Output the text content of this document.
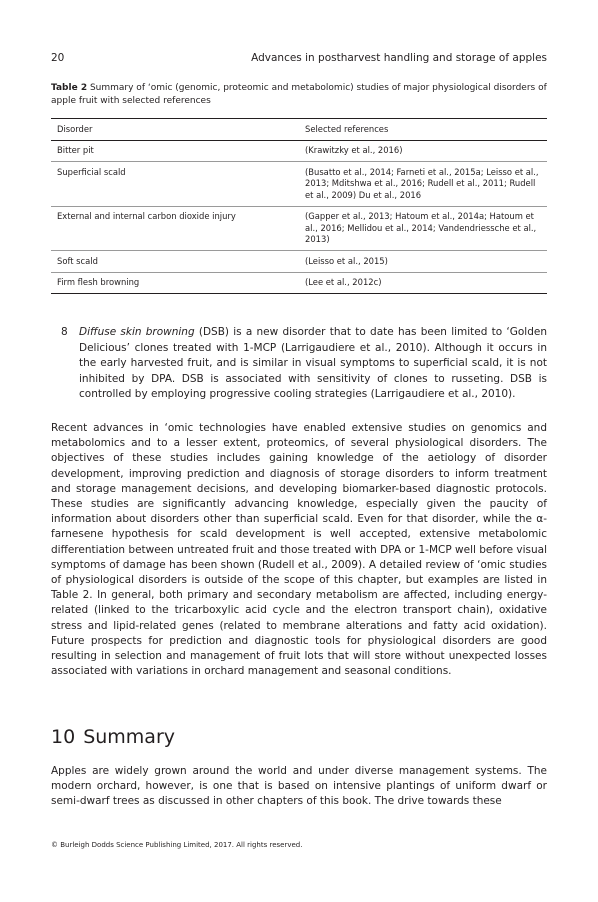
20	Advances in postharvest handling and storage of apples
Table 2 Summary of ‘omic (genomic, proteomic and metabolomic) studies of major physiological disorders of apple fruit with selected references
Disorder	Selected references
Bitter pit	(Krawitzky et al., 2016)
Superficial scald	(Busatto et al., 2014; Farneti et al., 2015a; Leisso et al., 2013; Mditshwa et al., 2016; Rudell et al., 2011; Rudell et al., 2009) Du et al., 2016
External and internal carbon dioxide injury	(Gapper et al., 2013; Hatoum et al., 2014a; Hatoum et al., 2016; Mellidou et al., 2014; Vandendriessche et al., 2013)
Soft scald	(Leisso et al., 2015)
Firm flesh browning	(Lee et al., 2012c)
8 Diffuse skin browning (DSB) is a new disorder that to date has been limited to ‘Golden Delicious’ clones treated with 1-MCP (Larrigaudiere et al., 2010). Although it occurs in the early harvested fruit, and is similar in visual symptoms to superficial scald, it is not inhibited by DPA. DSB is associated with sensitivity of clones to russeting. DSB is controlled by employing progressive cooling strategies (Larrigaudiere et al., 2010).
Recent advances in ‘omic technologies have enabled extensive studies on genomics and metabolomics and to a lesser extent, proteomics, of several physiological disorders. The objectives of these studies includes gaining knowledge of the aetiology of disorder development, improving prediction and diagnosis of storage disorders to inform treatment and storage management decisions, and developing biomarker-based diagnostic protocols. These studies are significantly advancing knowledge, especially given the paucity of information about disorders other than superficial scald. Even for that disorder, while the α-farnesene hypothesis for scald development is well accepted, extensive metabolomic differentiation between untreated fruit and those treated with DPA or 1-MCP well before visual symptoms of damage has been shown (Rudell et al., 2009). A detailed review of ‘omic studies of physiological disorders is outside of the scope of this chapter, but examples are listed in Table 2. In general, both primary and secondary metabolism are affected, including energy-related (linked to the tricarboxylic acid cycle and the electron transport chain), oxidative stress and lipid-related genes (related to membrane alterations and fatty acid oxidation). Future prospects for prediction and diagnostic tools for physiological disorders are good resulting in selection and management of fruit lots that will store without unexpected losses associated with variations in orchard management and seasonal conditions.
10 Summary
Apples are widely grown around the world and under diverse management systems. The modern orchard, however, is one that is based on intensive plantings of uniform dwarf or semi-dwarf trees as discussed in other chapters of this book. The drive towards these
© Burleigh Dodds Science Publishing Limited, 2017. All rights reserved.
